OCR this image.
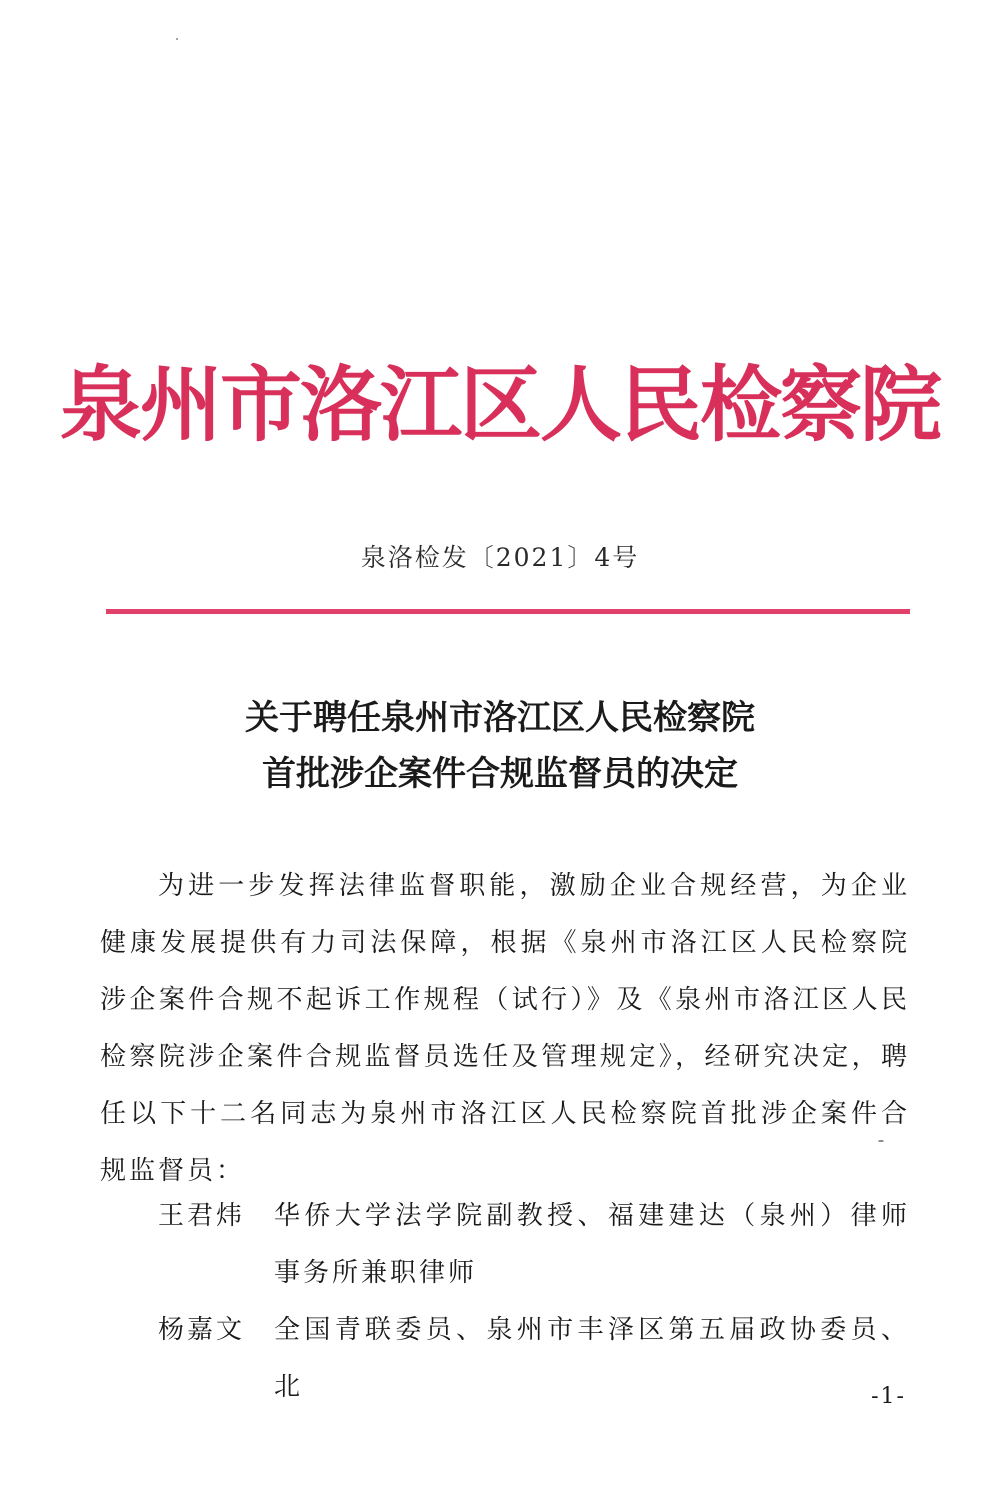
泉州市洛江区人民检察院
泉洛检发〔2021〕4号
关于聘任泉州市洛江区人民检察院
首批涉企案件合规监督员的决定

为进一步发挥法律监督职能，激励企业合规经营，为企业健康发展提供有力司法保障，根据《泉州市洛江区人民检察院涉企案件合规不起诉工作规程（试行）》及《泉州市洛江区人民检察院涉企案件合规监督员选任及管理规定》，经研究决定，聘任以下十二名同志为泉州市洛江区人民检察院首批涉企案件合规监督员：

王君炜	华侨大学法学院副教授、福建建达（泉州）律师事务所兼职律师
杨嘉文	全国青联委员、泉州市丰泽区第五届政协委员、北	-1-
